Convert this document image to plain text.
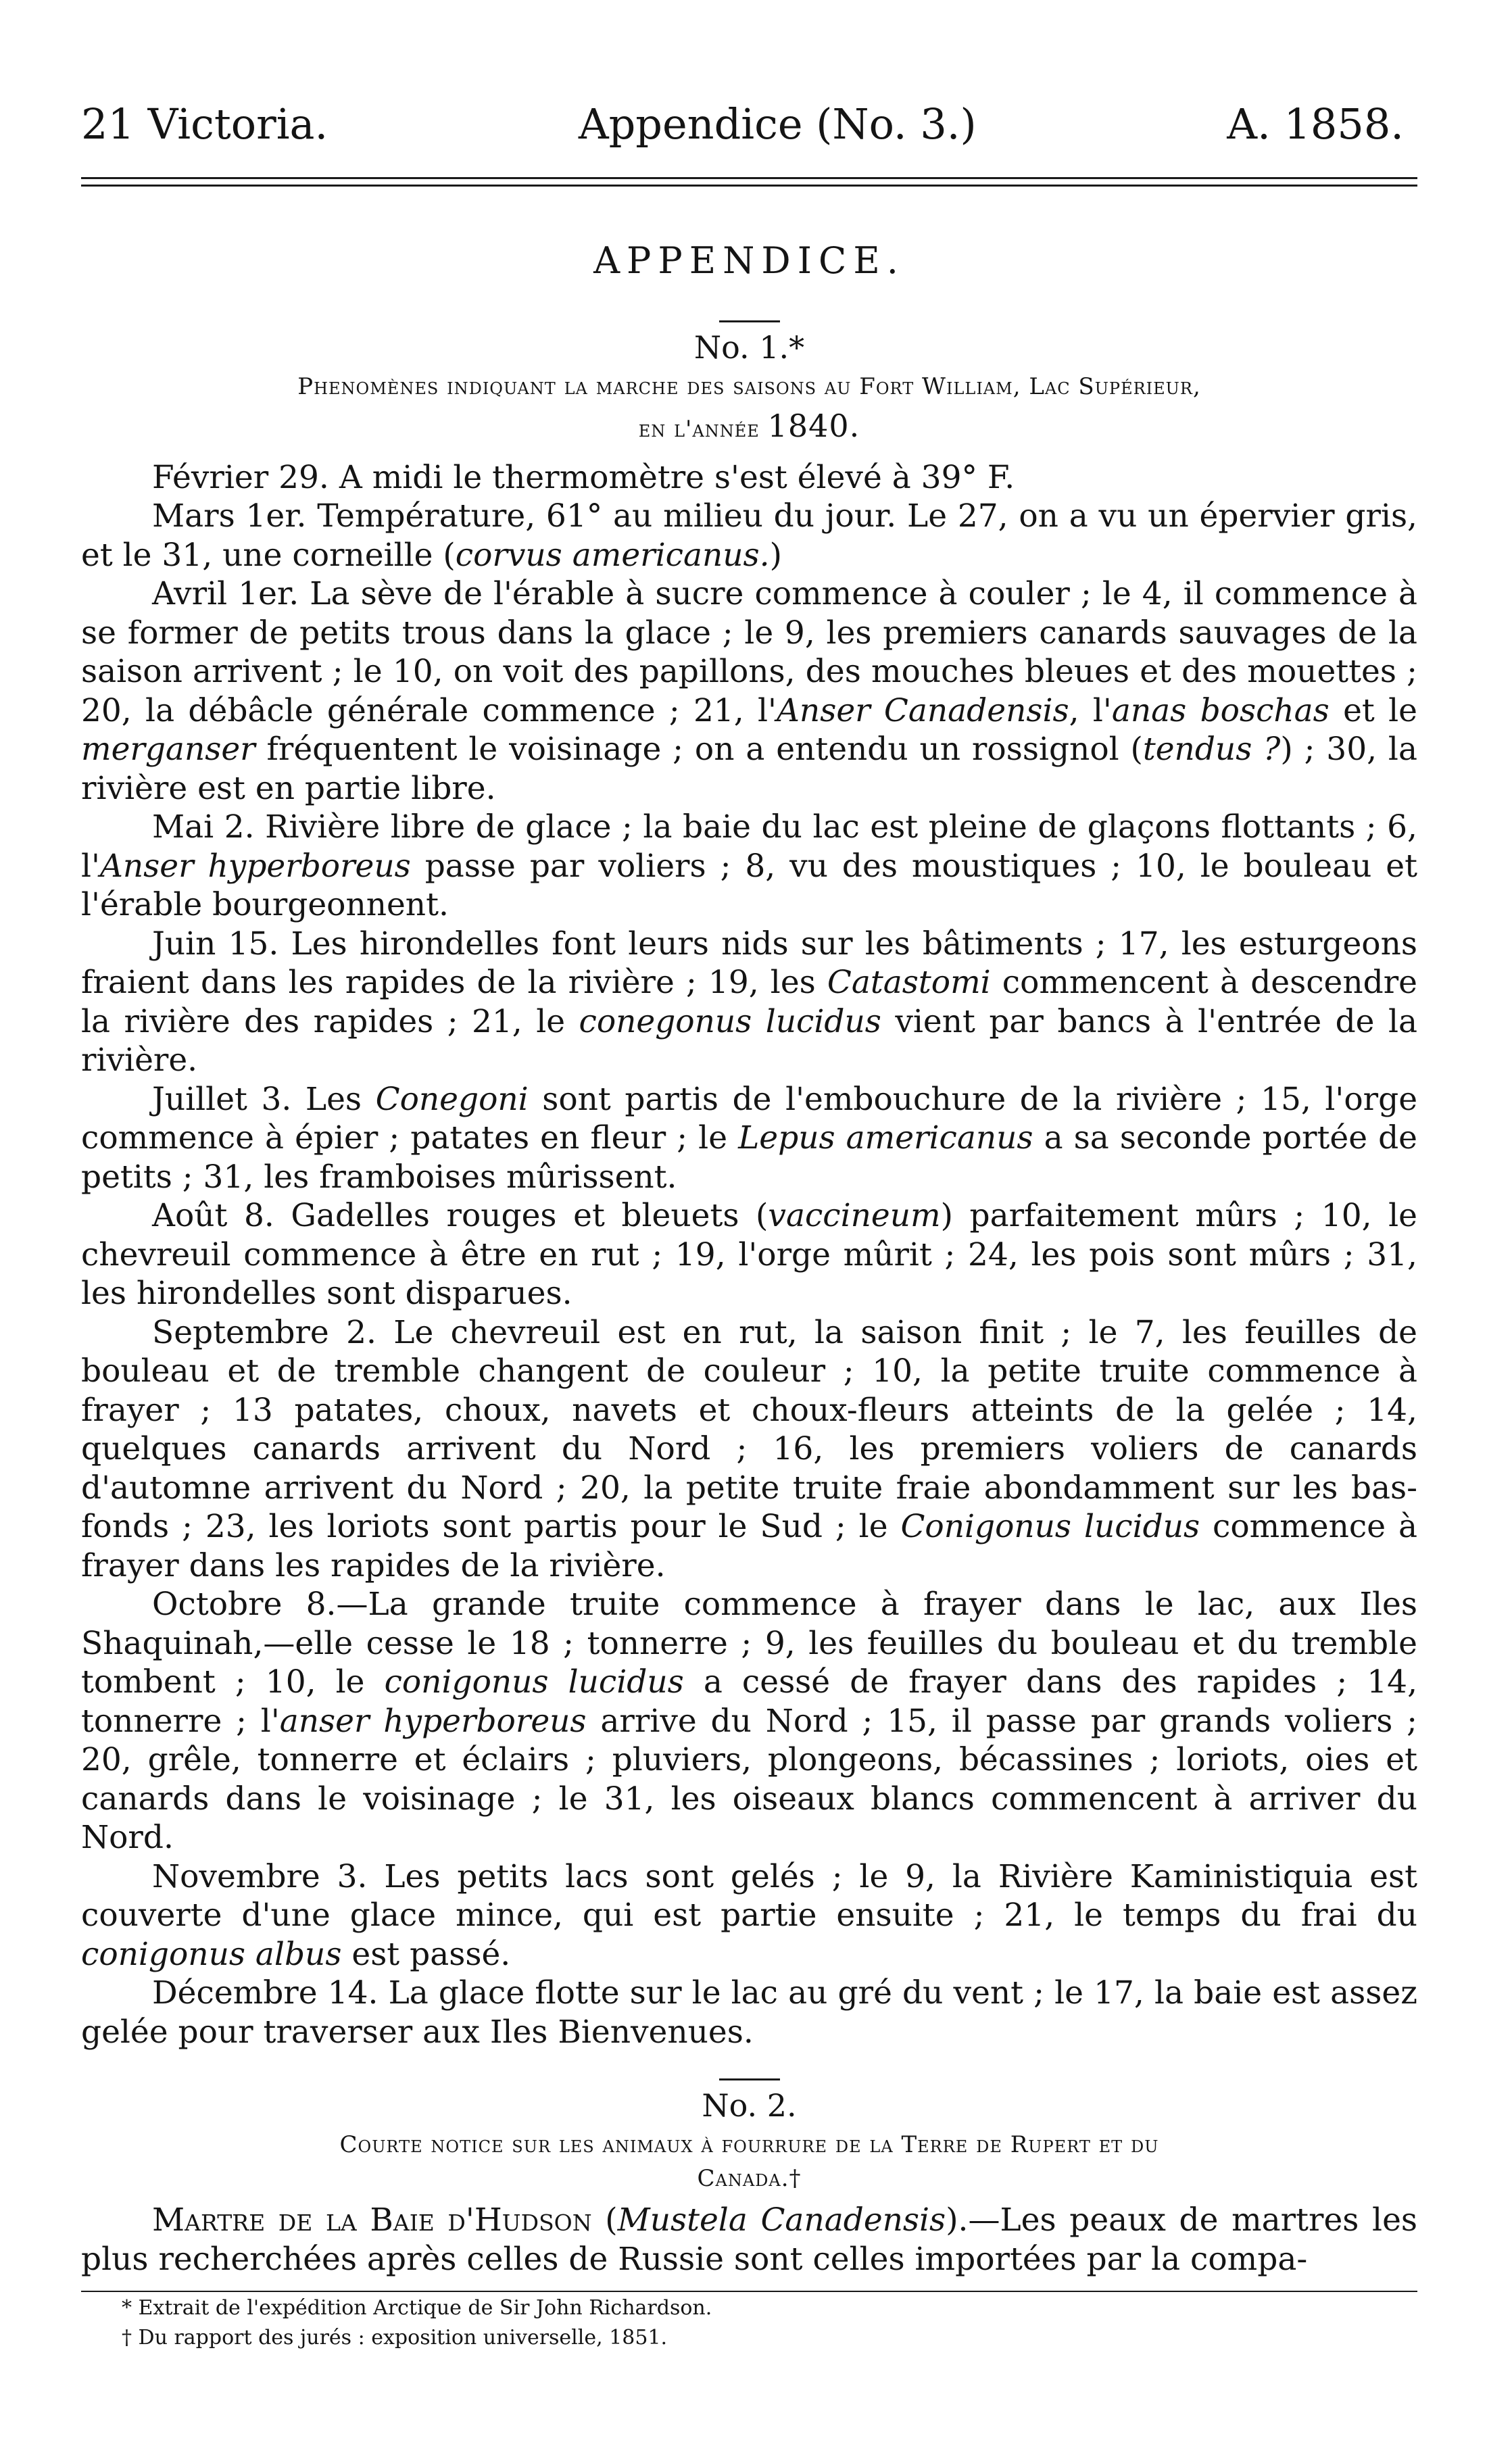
21 Victoria.	Appendice (No. 3.)	A. 1858.
APPENDICE.
No. 1.*
Phenomènes indiquant la marche des saisons au Fort William, Lac Supérieur,
en l'année 1840.

Février 29. A midi le thermomètre s'est élevé à 39° F.

Mars 1er. Température, 61° au milieu du jour. Le 27, on a vu un épervier gris, et le 31, une corneille (corvus americanus.)

Avril 1er. La sève de l'érable à sucre commence à couler ; le 4, il commence à se former de petits trous dans la glace ; le 9, les premiers canards sauvages de la saison arrivent ; le 10, on voit des papillons, des mouches bleues et des mouettes ; 20, la débâcle générale commence ; 21, l'Anser Canadensis, l'anas boschas et le merganser fréquentent le voisinage ; on a entendu un rossignol (tendus ?) ; 30, la rivière est en partie libre.

Mai 2. Rivière libre de glace ; la baie du lac est pleine de glaçons flottants ; 6, l'Anser hyperboreus passe par voliers ; 8, vu des moustiques ; 10, le bouleau et l'érable bourgeonnent.

Juin 15. Les hirondelles font leurs nids sur les bâtiments ; 17, les esturgeons fraient dans les rapides de la rivière ; 19, les Catastomi commencent à descendre la rivière des rapides ; 21, le conegonus lucidus vient par bancs à l'entrée de la rivière.

Juillet 3. Les Conegoni sont partis de l'embouchure de la rivière ; 15, l'orge commence à épier ; patates en fleur ; le Lepus americanus a sa seconde portée de petits ; 31, les framboises mûrissent.

Août 8. Gadelles rouges et bleuets (vaccineum) parfaitement mûrs ; 10, le chevreuil commence à être en rut ; 19, l'orge mûrit ; 24, les pois sont mûrs ; 31, les hirondelles sont disparues.

Septembre 2. Le chevreuil est en rut, la saison finit ; le 7, les feuilles de bouleau et de tremble changent de couleur ; 10, la petite truite commence à frayer ; 13 patates, choux, navets et choux-fleurs atteints de la gelée ; 14, quelques canards arrivent du Nord ; 16, les premiers voliers de canards d'automne arrivent du Nord ; 20, la petite truite fraie abondamment sur les bas-fonds ; 23, les loriots sont partis pour le Sud ; le Conigonus lucidus commence à frayer dans les rapides de la rivière.

Octobre 8.—La grande truite commence à frayer dans le lac, aux Iles Shaquinah,—elle cesse le 18 ; tonnerre ; 9, les feuilles du bouleau et du tremble tombent ; 10, le conigonus lucidus a cessé de frayer dans des rapides ; 14, tonnerre ; l'anser hyperboreus arrive du Nord ; 15, il passe par grands voliers ; 20, grêle, tonnerre et éclairs ; pluviers, plongeons, bécassines ; loriots, oies et canards dans le voisinage ; le 31, les oiseaux blancs commencent à arriver du Nord.

Novembre 3. Les petits lacs sont gelés ; le 9, la Rivière Kaministiquia est couverte d'une glace mince, qui est partie ensuite ; 21, le temps du frai du conigonus albus est passé.

Décembre 14. La glace flotte sur le lac au gré du vent ; le 17, la baie est assez gelée pour traverser aux Iles Bienvenues.

No. 2.
Courte notice sur les animaux à fourrure de la Terre de Rupert et du
Canada.†

Martre de la Baie d'Hudson (Mustela Canadensis).—Les peaux de martres les plus recherchées après celles de Russie sont celles importées par la compa-

* Extrait de l'expédition Arctique de Sir John Richardson.
† Du rapport des jurés : exposition universelle, 1851.
